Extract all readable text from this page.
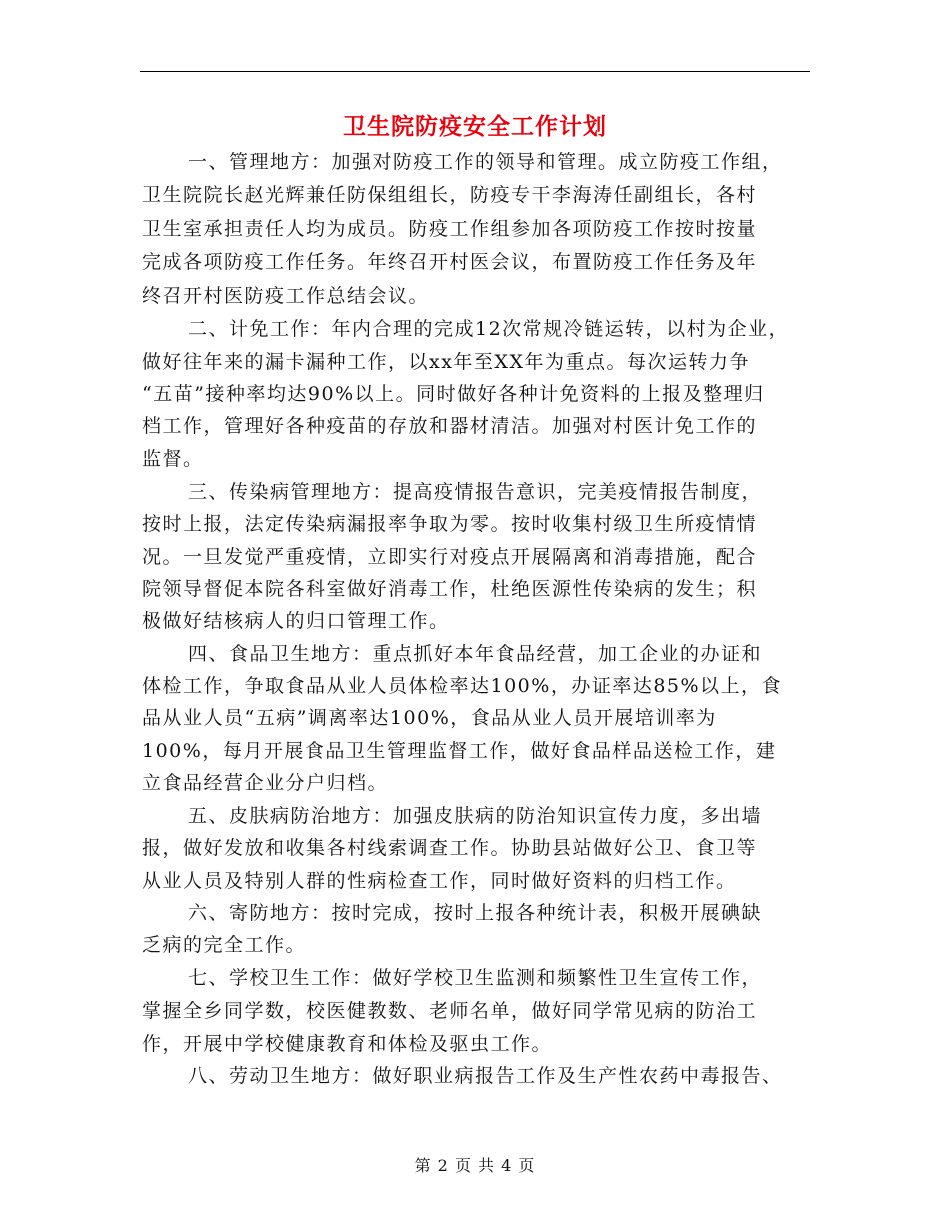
卫生院防疫安全工作计划
一、管理地方：加强对防疫工作的领导和管理。成立防疫工作组，
卫生院院长赵光辉兼任防保组组长，防疫专干李海涛任副组长，各村
卫生室承担责任人均为成员。防疫工作组参加各项防疫工作按时按量
完成各项防疫工作任务。年终召开村医会议，布置防疫工作任务及年
终召开村医防疫工作总结会议。
二、计免工作：年内合理的完成12次常规冷链运转，以村为企业，
做好往年来的漏卡漏种工作，以xx年至XX年为重点。每次运转力争
“五苗”接种率均达90%以上。同时做好各种计免资料的上报及整理归
档工作，管理好各种疫苗的存放和器材清洁。加强对村医计免工作的
监督。
三、传染病管理地方：提高疫情报告意识，完美疫情报告制度，
按时上报，法定传染病漏报率争取为零。按时收集村级卫生所疫情情
况。一旦发觉严重疫情，立即实行对疫点开展隔离和消毒措施，配合
院领导督促本院各科室做好消毒工作，杜绝医源性传染病的发生；积
极做好结核病人的归口管理工作。
四、食品卫生地方：重点抓好本年食品经营，加工企业的办证和
体检工作，争取食品从业人员体检率达100%，办证率达85%以上，食
品从业人员“五病”调离率达100%，食品从业人员开展培训率为
100%，每月开展食品卫生管理监督工作，做好食品样品送检工作，建
立食品经营企业分户归档。
五、皮肤病防治地方：加强皮肤病的防治知识宣传力度，多出墙
报，做好发放和收集各村线索调查工作。协助县站做好公卫、食卫等
从业人员及特别人群的性病检查工作，同时做好资料的归档工作。
六、寄防地方：按时完成，按时上报各种统计表，积极开展碘缺
乏病的完全工作。
七、学校卫生工作：做好学校卫生监测和频繁性卫生宣传工作，
掌握全乡同学数，校医健教数、老师名单，做好同学常见病的防治工
作，开展中学校健康教育和体检及驱虫工作。
八、劳动卫生地方：做好职业病报告工作及生产性农药中毒报告、
第 2 页 共 4 页
